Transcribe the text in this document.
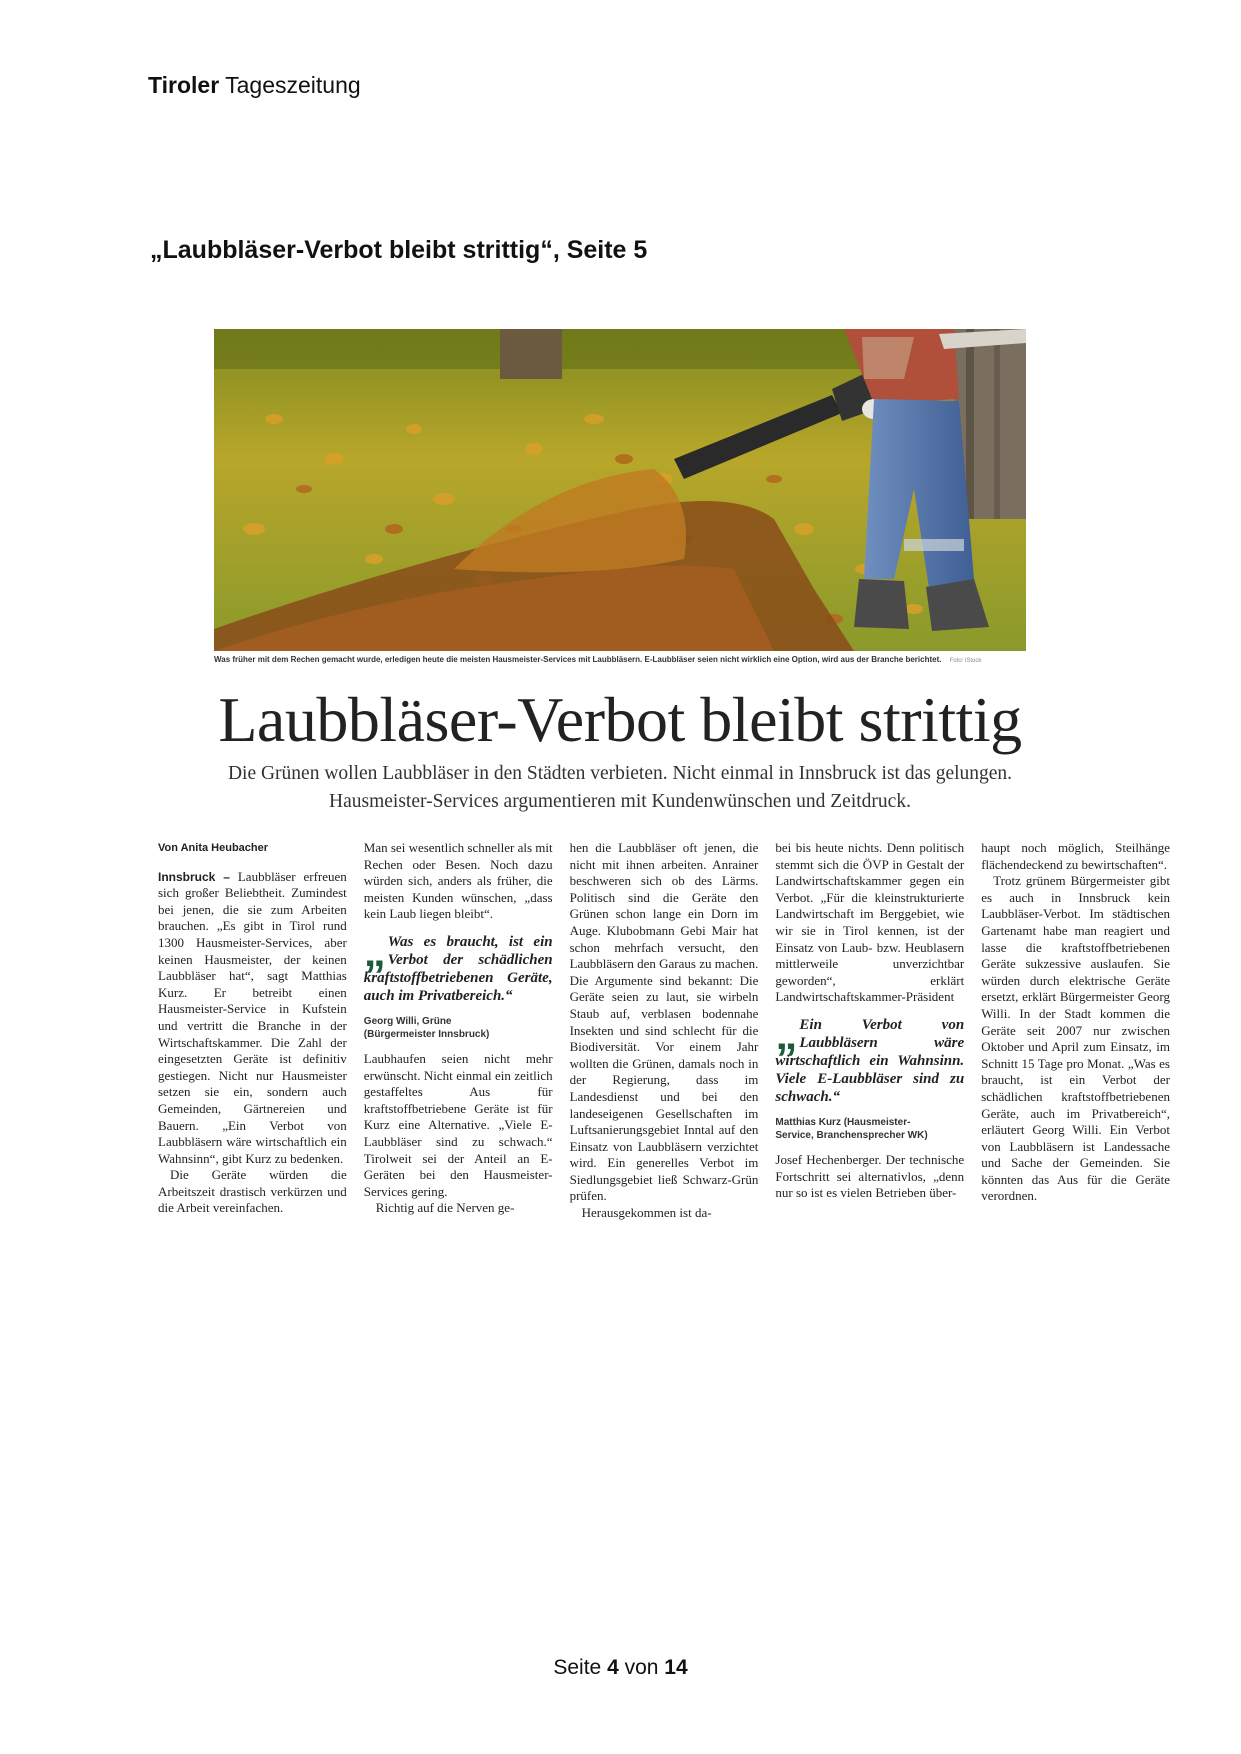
Tiroler Tageszeitung
„Laubbläser-Verbot bleibt strittig“, Seite 5
Was früher mit dem Rechen gemacht wurde, erledigen heute die meisten Hausmeister-Services mit Laubbläsern. E-Laubbläser seien nicht wirklich eine Option, wird aus der Branche berichtet. Foto: iStock
Laubbläser-Verbot bleibt strittig
Die Grünen wollen Laubbläser in den Städten verbieten. Nicht einmal in Innsbruck ist das gelungen. Hausmeister-Services argumentieren mit Kundenwünschen und Zeitdruck.
Von Anita Heubacher

Innsbruck – Laubbläser erfreuen sich großer Beliebtheit. Zumindest bei jenen, die sie zum Arbeiten brauchen. „Es gibt in Tirol rund 1300 Hausmeister-Services, aber keinen Hausmeister, der keinen Laubbläser hat“, sagt Matthias Kurz. Er betreibt einen Hausmeister-Service in Kufstein und vertritt die Branche in der Wirtschaftskammer. Die Zahl der eingesetzten Geräte ist definitiv gestiegen. Nicht nur Hausmeister setzen sie ein, sondern auch Gemeinden, Gärtnereien und Bauern. „Ein Verbot von Laubbläsern wäre wirtschaftlich ein Wahnsinn“, gibt Kurz zu bedenken.

Die Geräte würden die Arbeitszeit drastisch verkürzen und die Arbeit vereinfachen.

Man sei wesentlich schneller als mit Rechen oder Besen. Noch dazu würden sich, anders als früher, die meisten Kunden wünschen, „dass kein Laub liegen bleibt“.

„ Was es braucht, ist ein Verbot der schädlichen kraftstoffbetriebenen Geräte, auch im Privatbereich.“
Georg Willi, Grüne
(Bürgermeister Innsbruck)

Laubhaufen seien nicht mehr erwünscht. Nicht einmal ein zeitlich gestaffeltes Aus für kraftstoffbetriebene Geräte ist für Kurz eine Alternative. „Viele E-Laubbläser sind zu schwach.“ Tirolweit sei der Anteil an E-Geräten bei den Hausmeister-Services gering.

Richtig auf die Nerven ge-

hen die Laubbläser oft jenen, die nicht mit ihnen arbeiten. Anrainer beschweren sich ob des Lärms. Politisch sind die Geräte den Grünen schon lange ein Dorn im Auge. Klubobmann Gebi Mair hat schon mehrfach versucht, den Laubbläsern den Garaus zu machen. Die Argumente sind bekannt: Die Geräte seien zu laut, sie wirbeln Staub auf, verblasen bodennahe Insekten und sind schlecht für die Biodiversität. Vor einem Jahr wollten die Grünen, damals noch in der Regierung, dass im Landesdienst und bei den landeseigenen Gesellschaften im Luftsanierungsgebiet Inntal auf den Einsatz von Laubbläsern verzichtet wird. Ein generelles Verbot im Siedlungsgebiet ließ Schwarz-Grün prüfen.

Herausgekommen ist da-

bei bis heute nichts. Denn politisch stemmt sich die ÖVP in Gestalt der Landwirtschaftskammer gegen ein Verbot. „Für die kleinstrukturierte Landwirtschaft im Berggebiet, wie wir sie in Tirol kennen, ist der Einsatz von Laub- bzw. Heublasern mittlerweile unverzichtbar geworden“, erklärt Landwirtschaftskammer-Präsident

„ Ein Verbot von Laubbläsern wäre wirtschaftlich ein Wahnsinn. Viele E-Laubbläser sind zu schwach.“
Matthias Kurz (Hausmeister-
Service, Branchensprecher WK)

Josef Hechenberger. Der technische Fortschritt sei alternativlos, „denn nur so ist es vielen Betrieben über-

haupt noch möglich, Steilhänge flächendeckend zu bewirtschaften“.

Trotz grünem Bürgermeister gibt es auch in Innsbruck kein Laubbläser-Verbot. Im städtischen Gartenamt habe man reagiert und lasse die kraftstoffbetriebenen Geräte sukzessive auslaufen. Sie würden durch elektrische Geräte ersetzt, erklärt Bürgermeister Georg Willi. In der Stadt kommen die Geräte seit 2007 nur zwischen Oktober und April zum Einsatz, im Schnitt 15 Tage pro Monat. „Was es braucht, ist ein Verbot der schädlichen kraftstoffbetriebenen Geräte, auch im Privatbereich“, erläutert Georg Willi. Ein Verbot von Laubbläsern ist Landessache und Sache der Gemeinden. Sie könnten das Aus für die Geräte verordnen.

Seite 4 von 14
